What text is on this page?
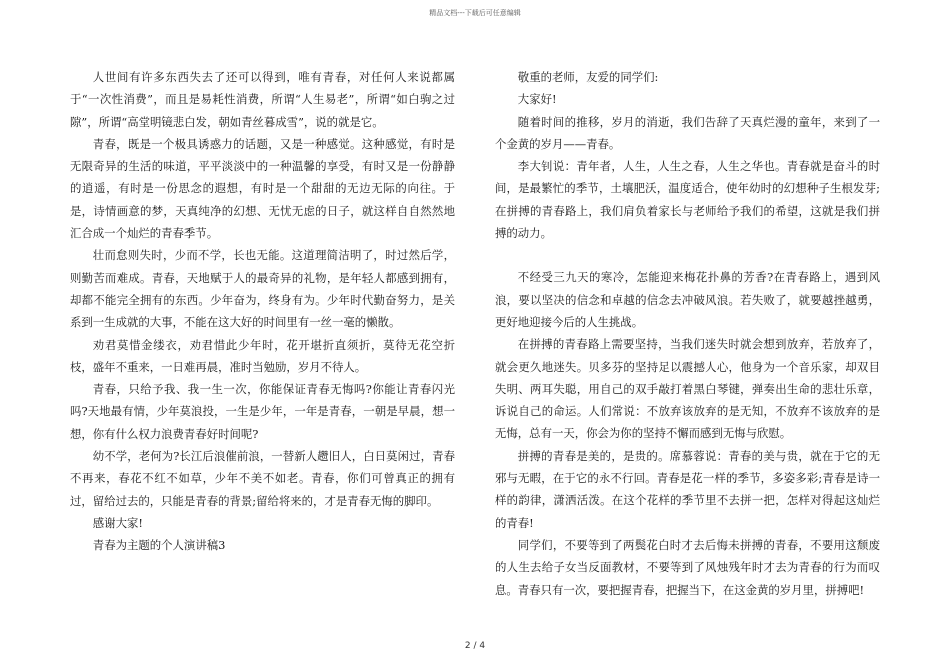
精品文档---下载后可任意编辑

人世间有许多东西失去了还可以得到，唯有青春，对任何人来说都属于“一次性消费”，而且是易耗性消费，所谓“人生易老”，所谓“如白驹之过隙”，所谓“高堂明镜悲白发，朝如青丝暮成雪”，说的就是它。

青春，既是一个极具诱惑力的话题，又是一种感觉。这种感觉，有时是无限奇异的生活的味道，平平淡淡中的一种温馨的享受，有时又是一份静静的逍遥，有时是一份思念的遐想，有时是一个甜甜的无边无际的向往。于是，诗情画意的梦，天真纯净的幻想、无忧无虑的日子，就这样自自然然地汇合成一个灿烂的青春季节。

壮而怠则失时，少而不学，长也无能。这道理简洁明了，时过然后学，则勤苦而难成。青春，天地赋于人的最奇异的礼物，是年轻人都感到拥有，却都不能完全拥有的东西。少年奋为，终身有为。少年时代勤奋努力，是关系到一生成就的大事，不能在这大好的时间里有一丝一毫的懒散。

劝君莫惜金缕衣，劝君惜此少年时，花开堪折直须折，莫待无花空折枝，盛年不重来，一日难再晨，准时当勉励，岁月不待人。

青春，只给予我、我一生一次，你能保证青春无悔吗?你能让青春闪光吗?天地最有情，少年莫浪投，一生是少年，一年是青春，一朝是早晨，想一想，你有什么权力浪费青春好时间呢?

幼不学，老何为?长江后浪催前浪，一替新人趱旧人，白日莫闲过，青春不再来，春花不红不如草，少年不美不如老。青春，你们可曾真正的拥有过，留给过去的，只能是青春的背景;留给将来的，才是青春无悔的脚印。

感谢大家!

青春为主题的个人演讲稿3

敬重的老师，友爱的同学们:

大家好!

随着时间的推移，岁月的消逝，我们告辞了天真烂漫的童年，来到了一个金黄的岁月——青春。

李大钊说：青年者，人生，人生之春，人生之华也。青春就是奋斗的时间，是最繁忙的季节，土壤肥沃，温度适合，使年幼时的幻想种子生根发芽;在拼搏的青春路上，我们肩负着家长与老师给予我们的希望，这就是我们拼搏的动力。

不经受三九天的寒冷，怎能迎来梅花扑鼻的芳香?在青春路上，遇到风浪，要以坚决的信念和卓越的信念去冲破风浪。若失败了，就要越挫越勇，更好地迎接今后的人生挑战。

在拼搏的青春路上需要坚持，当我们迷失时就会想到放弃，若放弃了，就会更久地迷失。贝多芬的坚持足以震撼人心，他身为一个音乐家，却双目失明、两耳失聪，用自己的双手敲打着黑白琴键，弹奏出生命的悲壮乐章，诉说自己的命运。人们常说：不放弃该放弃的是无知，不放弃不该放弃的是无悔，总有一天，你会为你的坚持不懈而感到无悔与欣慰。

拼搏的青春是美的，是贵的。席慕蓉说：青春的美与贵，就在于它的无邪与无暇，在于它的永不行回。青春是花一样的季节，多姿多彩;青春是诗一样的韵律，潇洒活泼。在这个花样的季节里不去拼一把，怎样对得起这灿烂的青春!

同学们，不要等到了两鬓花白时才去后悔未拼搏的青春，不要用这颓废的人生去给子女当反面教材，不要等到了风烛残年时才去为青春的行为而叹息。青春只有一次，要把握青春，把握当下，在这金黄的岁月里，拼搏吧!

2 / 4
